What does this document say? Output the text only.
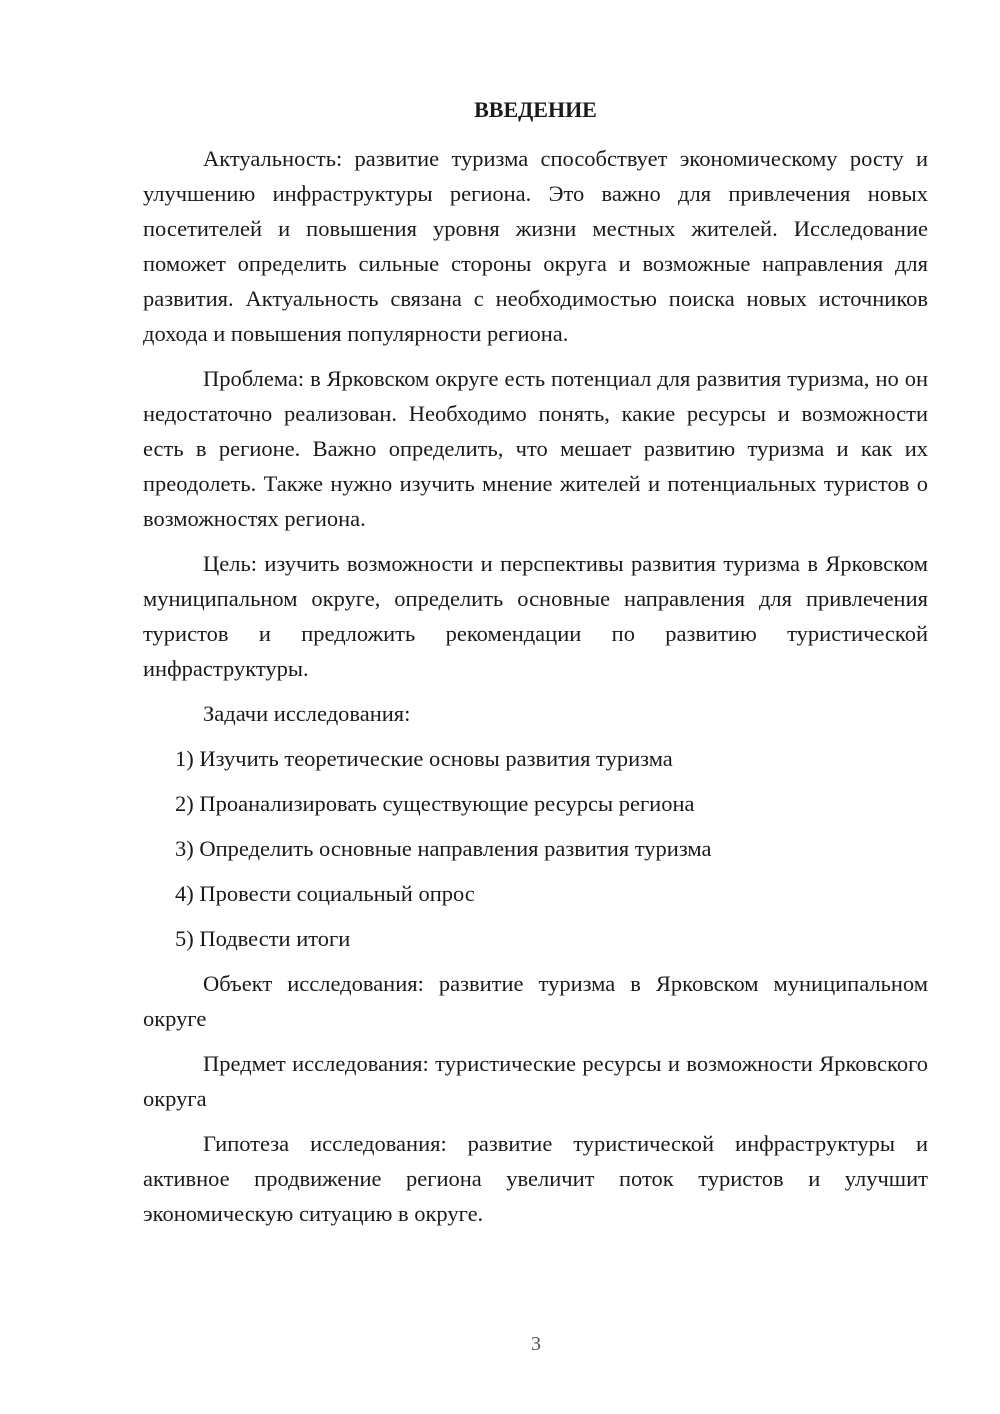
ВВЕДЕНИЕ

Актуальность: развитие туризма способствует экономическому росту и улучшению инфраструктуры региона. Это важно для привлечения новых посетителей и повышения уровня жизни местных жителей. Исследование поможет определить сильные стороны округа и возможные направления для развития. Актуальность связана с необходимостью поиска новых источников дохода и повышения популярности региона.

Проблема: в Ярковском округе есть потенциал для развития туризма, но он недостаточно реализован. Необходимо понять, какие ресурсы и возможности есть в регионе. Важно определить, что мешает развитию туризма и как их преодолеть. Также нужно изучить мнение жителей и потенциальных туристов о возможностях региона.

Цель: изучить возможности и перспективы развития туризма в Ярковском муниципальном округе, определить основные направления для привлечения туристов и предложить рекомендации по развитию туристической инфраструктуры.

Задачи исследования:

1) Изучить теоретические основы развития туризма

2) Проанализировать существующие ресурсы региона

3) Определить основные направления развития туризма

4) Провести социальный опрос

5) Подвести итоги

Объект исследования: развитие туризма в Ярковском муниципальном округе

Предмет исследования: туристические ресурсы и возможности Ярковского округа

Гипотеза исследования: развитие туристической инфраструктуры и активное продвижение региона увеличит поток туристов и улучшит экономическую ситуацию в округе.

3
